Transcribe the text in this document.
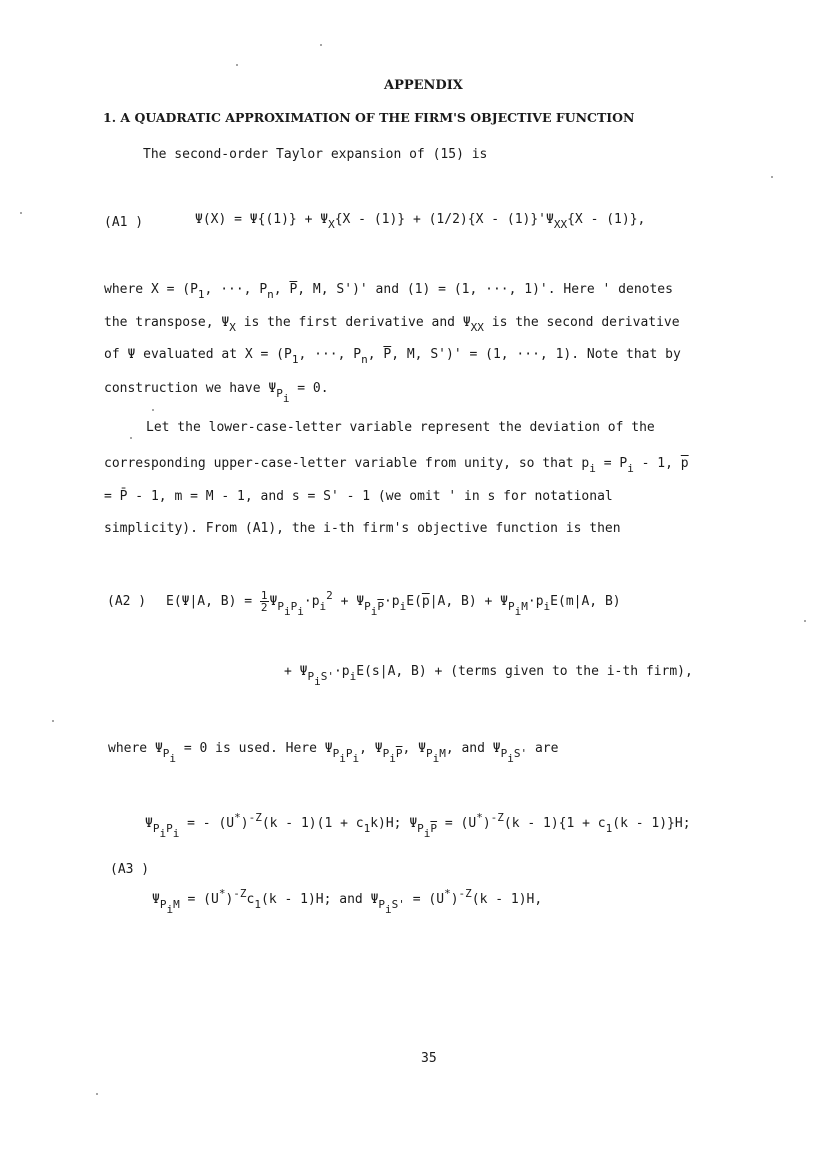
APPENDIX
1. A QUADRATIC APPROXIMATION OF THE FIRM'S OBJECTIVE FUNCTION
The second-order Taylor expansion of (15) is
(A1 )	$\Psi(X) = \Psi\{(1)\} + \Psi_X\{X - (1)\} + (1/2)\{X - (1)\}'\Psi_{XX}\{X - (1)\}$,
where $X = (P_1$, ···, $P_n$, $\overline{P}$, M, S')' and (1) = (1, ···, 1)'. Here ' denotes
the transpose, $\Psi_X$ is the first derivative and $\Psi_{XX}$ is the second derivative
of Ψ evaluated at $X = (P_1$, ···, $P_n$, $\overline{P}$, M, S')' = (1, ···, 1). Note that by
construction we have $\Psi_{P_i} = 0$.
Let the lower-case-letter variable represent the deviation of the
corresponding upper-case-letter variable from unity, so that $p_i = P_i - 1$, $\overline{p}$
= P̄ - 1, m = M - 1, and s = S' - 1 (we omit ' in s for notational
simplicity). From (A1), the i-th firm's objective function is then
(A2 ) E(Ψ|A, $B) = \frac{1}{2} \Psi_{P_iP_i}\cdot p_i^2 + \Psi_{P_i\overline{P}}\cdot p_iE(\overline{p}|A$, $B) + \Psi_{P_iM}\cdot p_iE(m|A$, B)
+ $\Psi_{P_iS'}\cdot p_iE(s|A$, B) + (terms given to the i-th firm),
where $\Psi_{P_i} = 0$ is used. Here $\Psi_{P_iP_i}$, $\Psi_{P_i\overline{P}}$, $\Psi_{P_iM}$, and $\Psi_{P_iS'}$ are
$\Psi_{P_iP_i}$ = - $(U^*)^{-Z}(k - 1)(1 + c_1k)H$; $\Psi_{P_i\overline{P}} = (U^*)^{-Z}(k - 1)\{1 + c_1(k - 1)\}H$;
(A3 )
$\Psi_{P_iM} = (U^*)^{-Z}c_1(k - 1)H$; and $\Psi_{P_iS'} = (U^*)^{-Z}(k - 1)H$,
35
